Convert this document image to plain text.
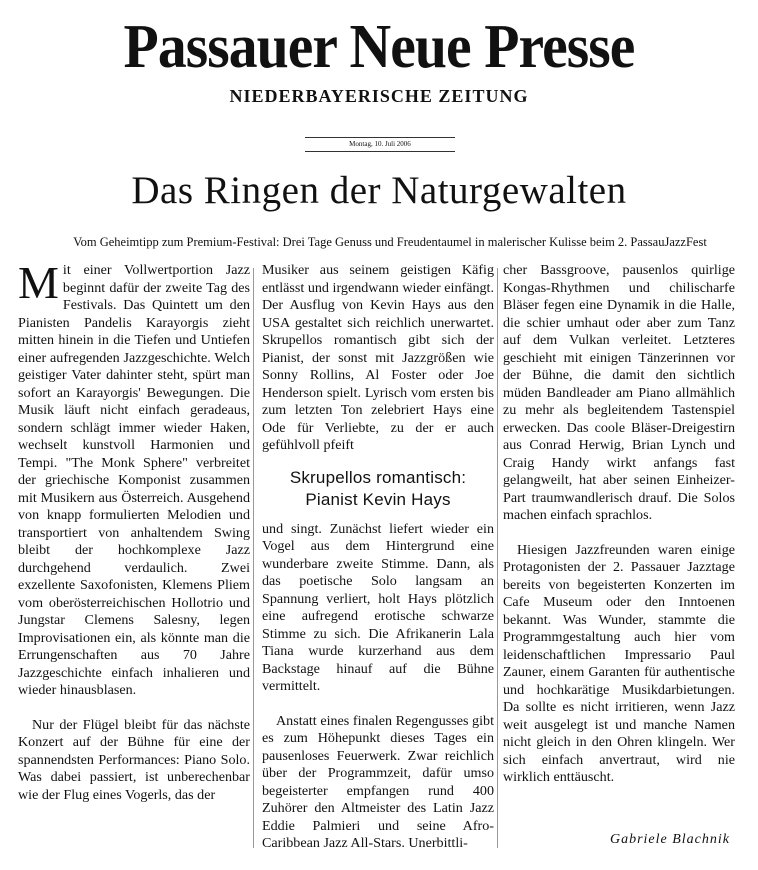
Passauer Neue Presse
NIEDERBAYERISCHE ZEITUNG
Montag, 10. Juli 2006
Das Ringen der Naturgewalten
Vom Geheimtipp zum Premium-Festival: Drei Tage Genuss und Freudentaumel in malerischer Kulisse beim 2. PassauJazzFest

Mit einer Vollwertportion Jazz beginnt dafür der zweite Tag des Festivals. Das Quintett um den Pianisten Pandelis Karayorgis zieht mitten hinein in die Tiefen und Untiefen einer aufregenden Jazzgeschichte. Welch geistiger Vater dahinter steht, spürt man sofort an Karayorgis' Bewegungen. Die Musik läuft nicht einfach geradeaus, sondern schlägt immer wieder Haken, wechselt kunstvoll Harmonien und Tempi. "The Monk Sphere" verbreitet der griechische Komponist zusammen mit Musikern aus Österreich. Ausgehend von knapp formulierten Melodien und transportiert von anhaltendem Swing bleibt der hochkomplexe Jazz durchgehend verdaulich. Zwei exzellente Saxofonisten, Klemens Pliem vom oberösterreichischen Hollotrio und Jungstar Clemens Salesny, legen Improvisationen ein, als könnte man die Errungenschaften aus 70 Jahre Jazzgeschichte einfach inhalieren und wieder hinausblasen.

Nur der Flügel bleibt für das nächste Konzert auf der Bühne für eine der spannendsten Performances: Piano Solo. Was dabei passiert, ist unberechenbar wie der Flug eines Vogerls, das der

Musiker aus seinem geistigen Käfig entlässt und irgendwann wieder einfängt. Der Ausflug von Kevin Hays aus den USA gestaltet sich reichlich unerwartet. Skrupellos romantisch gibt sich der Pianist, der sonst mit Jazzgrößen wie Sonny Rollins, Al Foster oder Joe Henderson spielt. Lyrisch vom ersten bis zum letzten Ton zelebriert Hays eine Ode für Verliebte, zu der er auch gefühlvoll pfeift

Skrupellos romantisch:
Pianist Kevin Hays

und singt. Zunächst liefert wieder ein Vogel aus dem Hintergrund eine wunderbare zweite Stimme. Dann, als das poetische Solo langsam an Spannung verliert, holt Hays plötzlich eine aufregend erotische schwarze Stimme zu sich. Die Afrikanerin Lala Tiana wurde kurzerhand aus dem Backstage hinauf auf die Bühne vermittelt.

Anstatt eines finalen Regengusses gibt es zum Höhepunkt dieses Tages ein pausenloses Feuerwerk. Zwar reichlich über der Programmzeit, dafür umso begeisterter empfangen rund 400 Zuhörer den Altmeister des Latin Jazz Eddie Palmieri und seine Afro-Caribbean Jazz All-Stars. Unerbittli-

cher Bassgroove, pausenlos quirlige Kongas-Rhythmen und chilischarfe Bläser fegen eine Dynamik in die Halle, die schier umhaut oder aber zum Tanz auf dem Vulkan verleitet. Letzteres geschieht mit einigen Tänzerinnen vor der Bühne, die damit den sichtlich müden Bandleader am Piano allmählich zu mehr als begleitendem Tastenspiel erwecken. Das coole Bläser-Dreigestirn aus Conrad Herwig, Brian Lynch und Craig Handy wirkt anfangs fast gelangweilt, hat aber seinen Einheizer-Part traumwandlerisch drauf. Die Solos machen einfach sprachlos.

Hiesigen Jazzfreunden waren einige Protagonisten der 2. Passauer Jazztage bereits von begeisterten Konzerten im Cafe Museum oder den Inntoenen bekannt. Was Wunder, stammte die Programmgestaltung auch hier vom leidenschaftlichen Impressario Paul Zauner, einem Garanten für authentische und hochkarätige Musikdarbietungen. Da sollte es nicht irritieren, wenn Jazz weit ausgelegt ist und manche Namen nicht gleich in den Ohren klingeln. Wer sich einfach anvertraut, wird nie wirklich enttäuscht.

Gabriele Blachnik
